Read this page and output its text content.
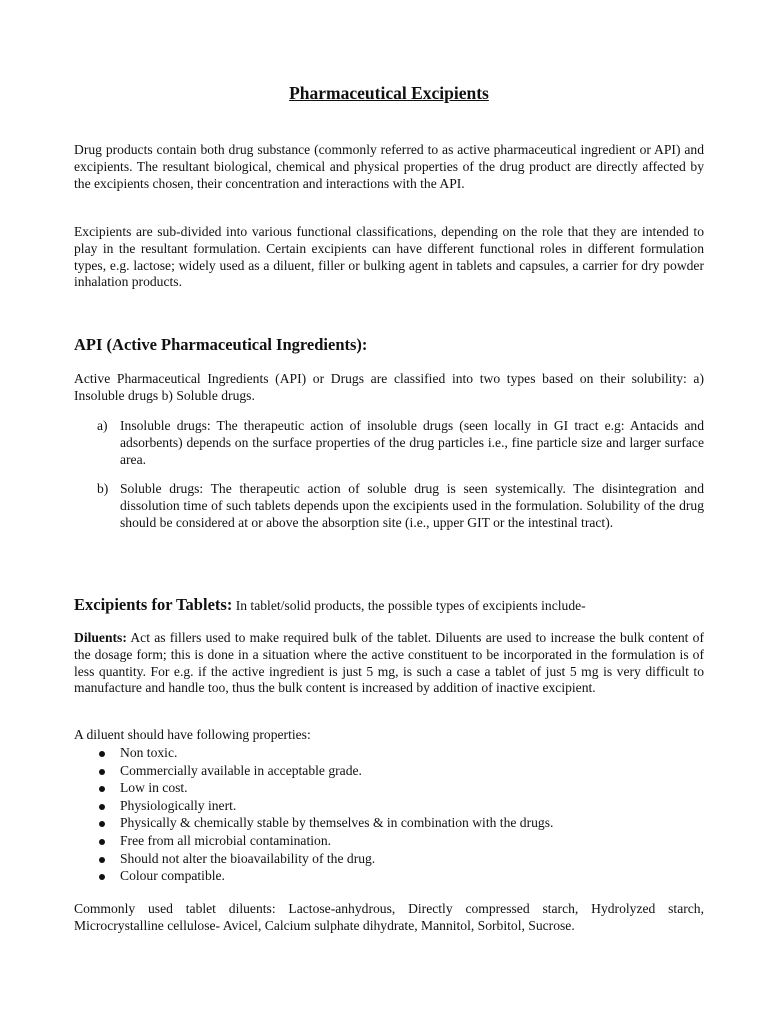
Pharmaceutical Excipients

Drug products contain both drug substance (commonly referred to as active pharmaceutical ingredient or API) and excipients. The resultant biological, chemical and physical properties of the drug product are directly affected by the excipients chosen, their concentration and interactions with the API.

Excipients are sub-divided into various functional classifications, depending on the role that they are intended to play in the resultant formulation. Certain excipients can have different functional roles in different formulation types, e.g. lactose; widely used as a diluent, filler or bulking agent in tablets and capsules, a carrier for dry powder inhalation products.

API (Active Pharmaceutical Ingredients):

Active Pharmaceutical Ingredients (API) or Drugs are classified into two types based on their solubility: a) Insoluble drugs b) Soluble drugs.

a) Insoluble drugs: The therapeutic action of insoluble drugs (seen locally in GI tract e.g: Antacids and adsorbents) depends on the surface properties of the drug particles i.e., fine particle size and larger surface area.
b) Soluble drugs: The therapeutic action of soluble drug is seen systemically. The disintegration and dissolution time of such tablets depends upon the excipients used in the formulation. Solubility of the drug should be considered at or above the absorption site (i.e., upper GIT or the intestinal tract).

Excipients for Tablets: In tablet/solid products, the possible types of excipients include-

Diluents: Act as fillers used to make required bulk of the tablet. Diluents are used to increase the bulk content of the dosage form; this is done in a situation where the active constituent to be incorporated in the formulation is of less quantity. For e.g. if the active ingredient is just 5 mg, is such a case a tablet of just 5 mg is very difficult to manufacture and handle too, thus the bulk content is increased by addition of inactive excipient.

A diluent should have following properties:

Non toxic.
Commercially available in acceptable grade.
Low in cost.
Physiologically inert.
Physically & chemically stable by themselves & in combination with the drugs.
Free from all microbial contamination.
Should not alter the bioavailability of the drug.
Colour compatible.

Commonly used tablet diluents: Lactose-anhydrous, Directly compressed starch, Hydrolyzed starch, Microcrystalline cellulose- Avicel, Calcium sulphate dihydrate, Mannitol, Sorbitol, Sucrose.
